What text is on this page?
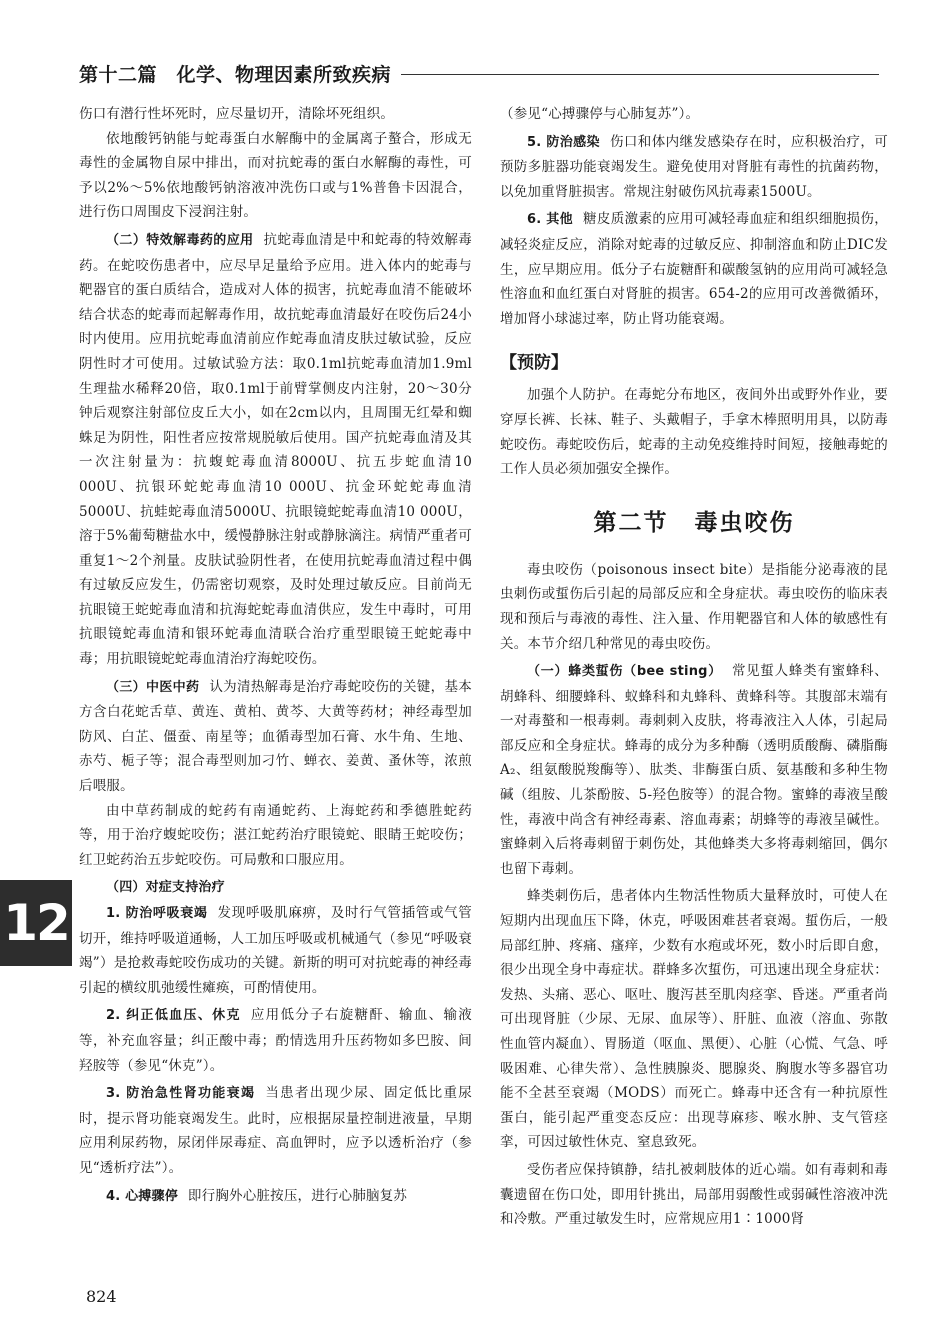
第十二篇　化学、物理因素所致疾病

伤口有潜行性坏死时，应尽量切开，清除坏死组织。

依地酸钙钠能与蛇毒蛋白水解酶中的金属离子螯合，形成无毒性的金属物自尿中排出，而对抗蛇毒的蛋白水解酶的毒性，可予以2%～5%依地酸钙钠溶液冲洗伤口或与1%普鲁卡因混合，进行伤口周围皮下浸润注射。

（二）特效解毒药的应用 抗蛇毒血清是中和蛇毒的特效解毒药。在蛇咬伤患者中，应尽早足量给予应用。进入体内的蛇毒与靶器官的蛋白质结合，造成对人体的损害，抗蛇毒血清不能破坏结合状态的蛇毒而起解毒作用，故抗蛇毒血清最好在咬伤后24小时内使用。应用抗蛇毒血清前应作蛇毒血清皮肤过敏试验，反应阴性时才可使用。过敏试验方法：取0.1ml抗蛇毒血清加1.9ml生理盐水稀释20倍，取0.1ml于前臂掌侧皮内注射，20～30分钟后观察注射部位皮丘大小，如在2cm以内，且周围无红晕和蜘蛛足为阴性，阳性者应按常规脱敏后使用。国产抗蛇毒血清及其一次注射量为：抗蝮蛇毒血清8000U、抗五步蛇血清10 000U、抗银环蛇蛇毒血清10 000U、抗金环蛇蛇毒血清5000U、抗蛙蛇毒血清5000U、抗眼镜蛇蛇毒血清10 000U，溶于5%葡萄糖盐水中，缓慢静脉注射或静脉滴注。病情严重者可重复1～2个剂量。皮肤试验阴性者，在使用抗蛇毒血清过程中偶有过敏反应发生，仍需密切观察，及时处理过敏反应。目前尚无抗眼镜王蛇蛇毒血清和抗海蛇蛇毒血清供应，发生中毒时，可用抗眼镜蛇毒血清和银环蛇毒血清联合治疗重型眼镜王蛇蛇毒中毒；用抗眼镜蛇蛇毒血清治疗海蛇咬伤。

（三）中医中药 认为清热解毒是治疗毒蛇咬伤的关键，基本方含白花蛇舌草、黄连、黄柏、黄芩、大黄等药材；神经毒型加防风、白芷、僵蚕、南星等；血循毒型加石膏、水牛角、生地、赤芍、栀子等；混合毒型则加刁竹、蝉衣、姜黄、蚤休等，浓煎后喂服。

由中草药制成的蛇药有南通蛇药、上海蛇药和季德胜蛇药等，用于治疗蝮蛇咬伤；湛江蛇药治疗眼镜蛇、眼睛王蛇咬伤；红卫蛇药治五步蛇咬伤。可局敷和口服应用。

（四）对症支持治疗

1. 防治呼吸衰竭 发现呼吸肌麻痹，及时行气管插管或气管切开，维持呼吸道通畅，人工加压呼吸或机械通气（参见“呼吸衰竭”）是抢救毒蛇咬伤成功的关键。新斯的明可对抗蛇毒的神经毒引起的横纹肌弛缓性瘫痪，可酌情使用。

2. 纠正低血压、休克 应用低分子右旋糖酐、输血、输液等，补充血容量；纠正酸中毒；酌情选用升压药物如多巴胺、间羟胺等（参见“休克”）。

3. 防治急性肾功能衰竭 当患者出现少尿、固定低比重尿时，提示肾功能衰竭发生。此时，应根据尿量控制进液量，早期应用利尿药物，尿闭伴尿毒症、高血钾时，应予以透析治疗（参见“透析疗法”）。

4. 心搏骤停 即行胸外心脏按压，进行心肺脑复苏

（参见“心搏骤停与心肺复苏”）。

5. 防治感染 伤口和体内继发感染存在时，应积极治疗，可预防多脏器功能衰竭发生。避免使用对肾脏有毒性的抗菌药物，以免加重肾脏损害。常规注射破伤风抗毒素1500U。

6. 其他 糖皮质激素的应用可减轻毒血症和组织细胞损伤，减轻炎症反应，消除对蛇毒的过敏反应、抑制溶血和防止DIC发生，应早期应用。低分子右旋糖酐和碳酸氢钠的应用尚可减轻急性溶血和血红蛋白对肾脏的损害。654-2的应用可改善微循环，增加肾小球滤过率，防止肾功能衰竭。

【预防】

加强个人防护。在毒蛇分布地区，夜间外出或野外作业，要穿厚长裤、长袜、鞋子、头戴帽子，手拿木棒照明用具，以防毒蛇咬伤。毒蛇咬伤后，蛇毒的主动免疫维持时间短，接触毒蛇的工作人员必须加强安全操作。

第二节 毒虫咬伤

毒虫咬伤（poisonous insect bite）是指能分泌毒液的昆虫刺伤或蜇伤后引起的局部反应和全身症状。毒虫咬伤的临床表现和预后与毒液的毒性、注入量、作用靶器官和人体的敏感性有关。本节介绍几种常见的毒虫咬伤。

（一）蜂类蜇伤（bee sting） 常见蜇人蜂类有蜜蜂科、胡蜂科、细腰蜂科、蚁蜂科和丸蜂科、黄蜂科等。其腹部末端有一对毒螯和一根毒刺。毒刺刺入皮肤，将毒液注入人体，引起局部反应和全身症状。蜂毒的成分为多种酶（透明质酸酶、磷脂酶A₂、组氨酸脱羧酶等）、肽类、非酶蛋白质、氨基酸和多种生物碱（组胺、儿茶酚胺、5-羟色胺等）的混合物。蜜蜂的毒液呈酸性，毒液中尚含有神经毒素、溶血毒素；胡蜂等的毒液呈碱性。蜜蜂刺入后将毒刺留于刺伤处，其他蜂类大多将毒刺缩回，偶尔也留下毒刺。

蜂类刺伤后，患者体内生物活性物质大量释放时，可使人在短期内出现血压下降，休克，呼吸困难甚者衰竭。蜇伤后，一般局部红肿、疼痛、瘙痒，少数有水疱或坏死，数小时后即自愈，很少出现全身中毒症状。群蜂多次蜇伤，可迅速出现全身症状：发热、头痛、恶心、呕吐、腹泻甚至肌肉痉挛、昏迷。严重者尚可出现肾脏（少尿、无尿、血尿等）、肝脏、血液（溶血、弥散性血管内凝血）、胃肠道（呕血、黑便）、心脏（心慌、气急、呼吸困难、心律失常）、急性胰腺炎、腮腺炎、胸腹水等多器官功能不全甚至衰竭（MODS）而死亡。蜂毒中还含有一种抗原性蛋白，能引起严重变态反应：出现荨麻疹、喉水肿、支气管痉挛，可因过敏性休克、窒息致死。

受伤者应保持镇静，结扎被刺肢体的近心端。如有毒刺和毒囊遗留在伤口处，即用针挑出，局部用弱酸性或弱碱性溶液冲洗和冷敷。严重过敏发生时，应常规应用1∶1000肾

12
824
